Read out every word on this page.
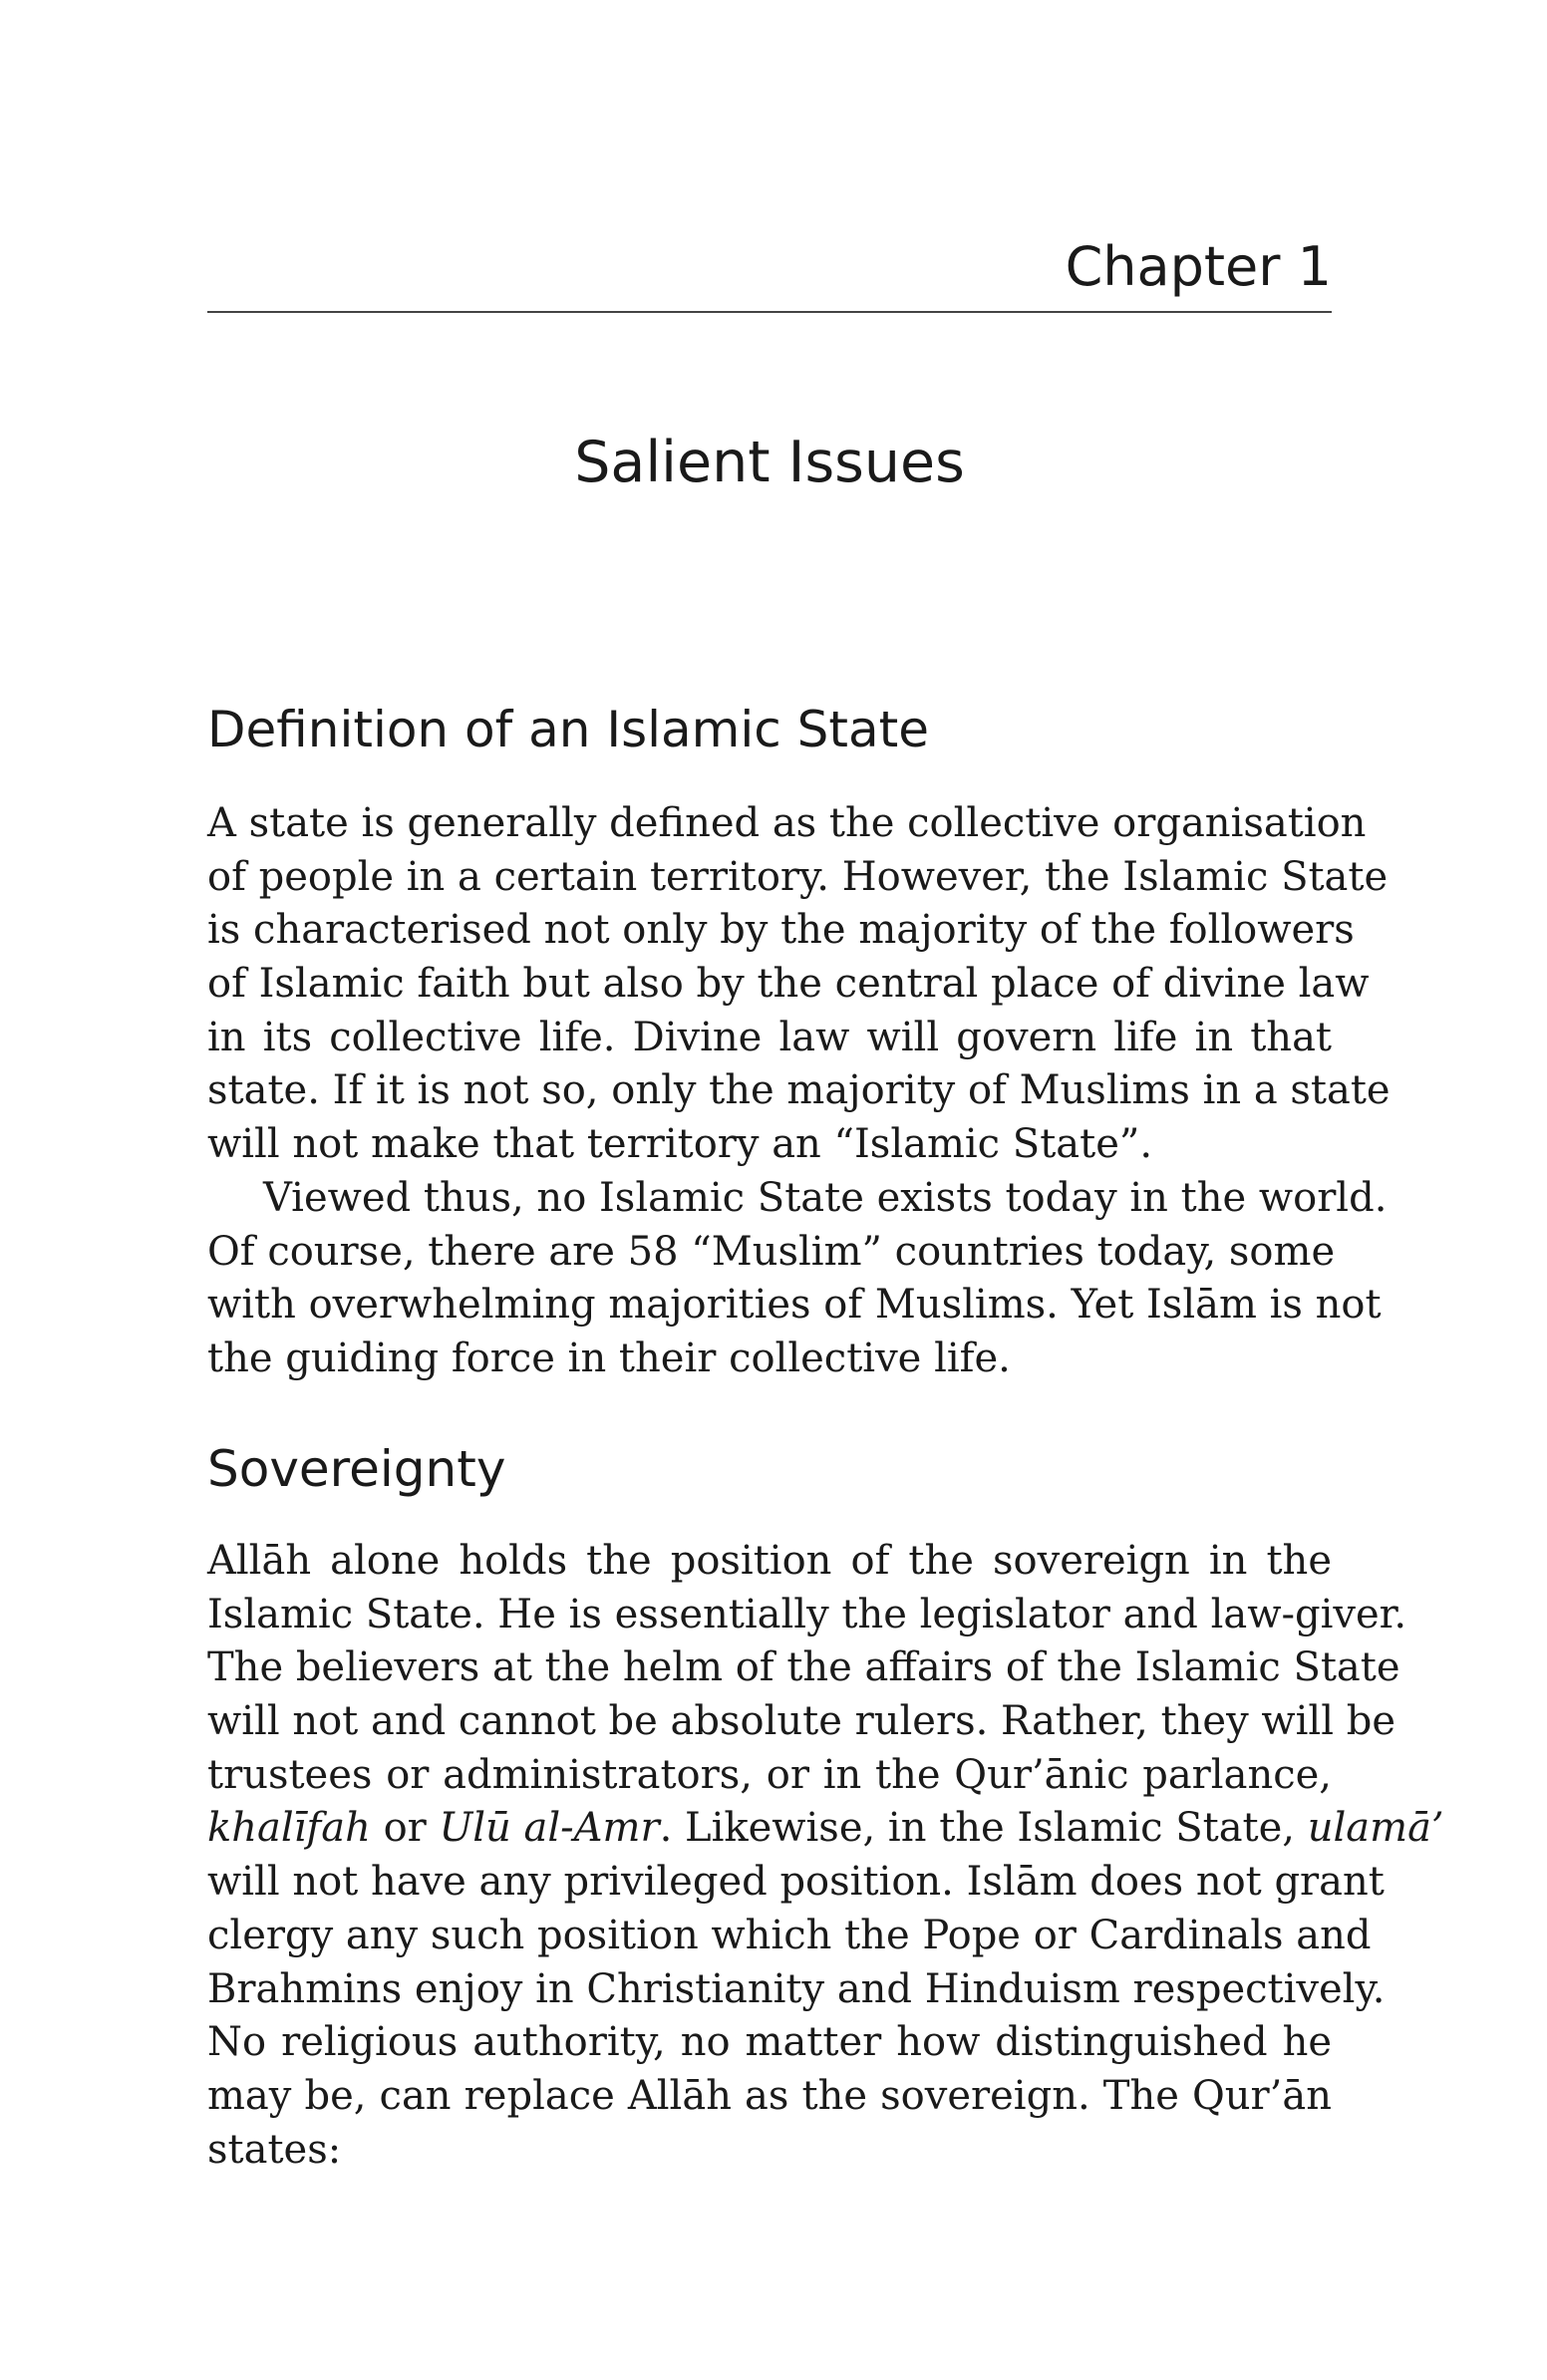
Chapter 1
Salient Issues
Definition of an Islamic State
A state is generally defined as the collective organisation
of people in a certain territory. However, the Islamic State
is characterised not only by the majority of the followers
of Islamic faith but also by the central place of divine law
in its collective life. Divine law will govern life in that
state. If it is not so, only the majority of Muslims in a state
will not make that territory an “Islamic State”.
Viewed thus, no Islamic State exists today in the world.
Of course, there are 58 “Muslim” countries today, some
with overwhelming majorities of Muslims. Yet Islām is not
the guiding force in their collective life.
Sovereignty
Allāh alone holds the position of the sovereign in the
Islamic State. He is essentially the legislator and law-giver.
The believers at the helm of the affairs of the Islamic State
will not and cannot be absolute rulers. Rather, they will be
trustees or administrators, or in the Qur’ānic parlance,
khalīfah or Ulū al-Amr. Likewise, in the Islamic State, ulamā’
will not have any privileged position. Islām does not grant
clergy any such position which the Pope or Cardinals and
Brahmins enjoy in Christianity and Hinduism respectively.
No religious authority, no matter how distinguished he
may be, can replace Allāh as the sovereign. The Qur’ān
states:
